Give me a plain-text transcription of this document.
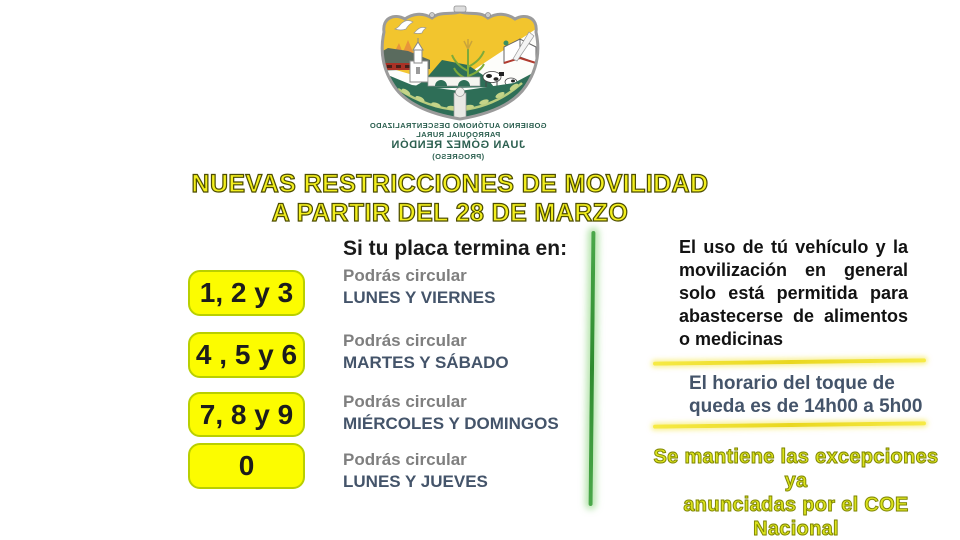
GOBIERNO AUTÓNOMO DESCENTRALIZADO
PARROQUIAL RURAL
JUAN GÓMEZ RENDÓN
(PROGRESO)
NUEVAS RESTRICCIONES DE MOVILIDAD
A PARTIR DEL 28 DE MARZO
1, 2 y 3
4 , 5 y 6
7, 8 y 9
0
Si tu placa termina en:
Podrás circular
LUNES Y VIERNES
Podrás circular
MARTES Y SÁBADO
Podrás circular
MIÉRCOLES Y DOMINGOS
Podrás circular
LUNES Y JUEVES
El uso de tú vehículo y la
movilización en general
solo está permitida para
abastecerse de alimentos
o medicinas
El horario del toque de
queda es de 14h00 a 5h00
Se mantiene las excepciones ya
anunciadas por el COE Nacional
